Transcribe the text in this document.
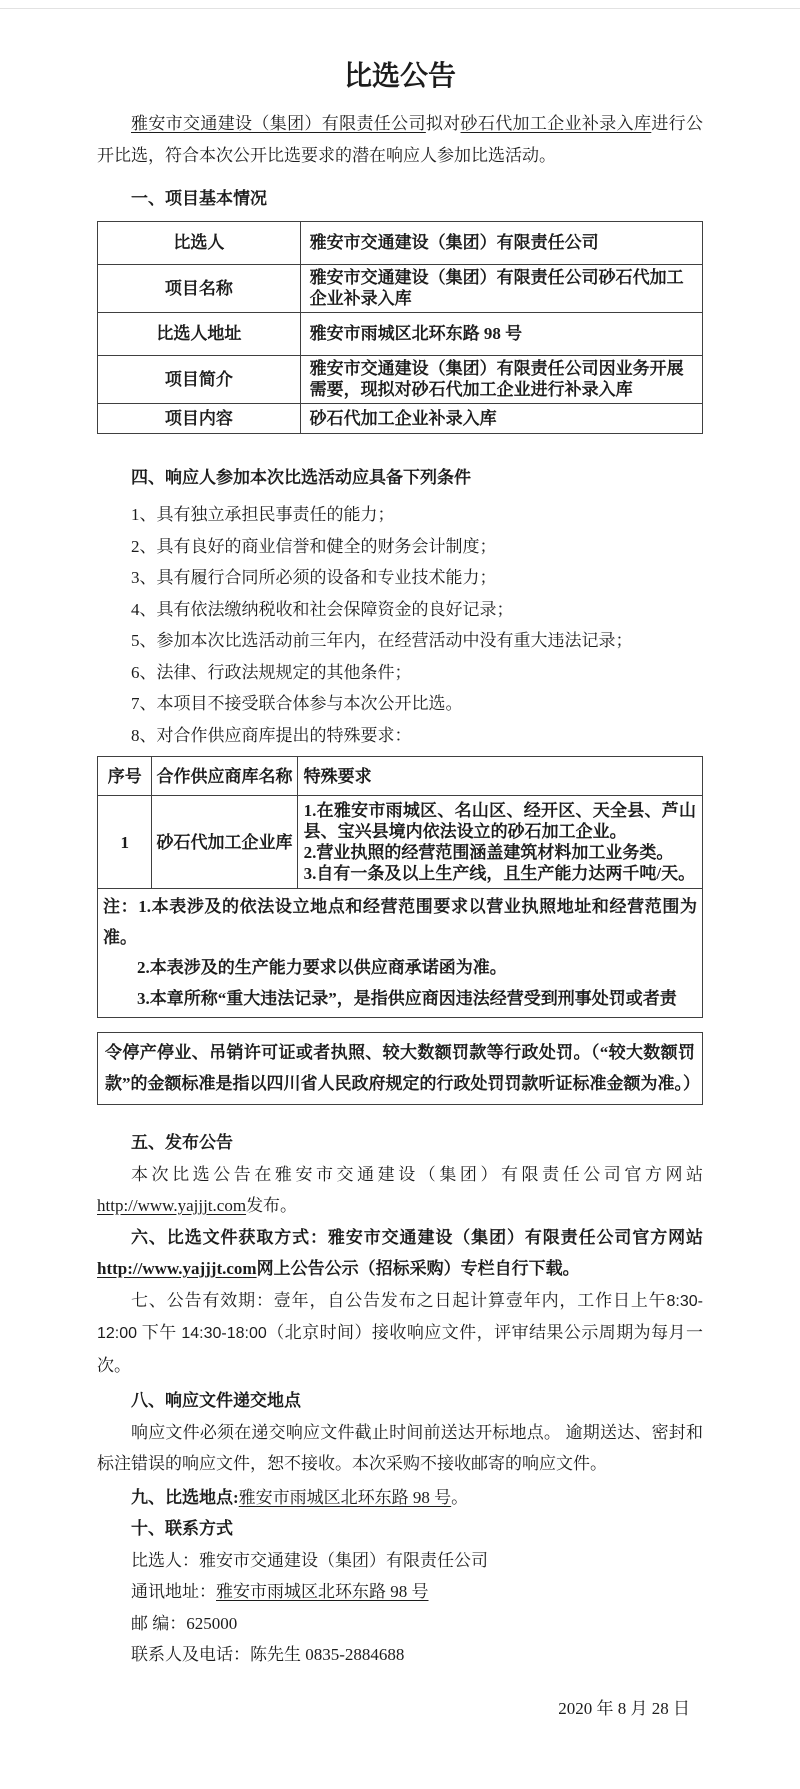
比选公告

雅安市交通建设（集团）有限责任公司拟对砂石代加工企业补录入库进行公开比选，符合本次公开比选要求的潜在响应人参加比选活动。

一、项目基本情况

比选人	雅安市交通建设（集团）有限责任公司
项目名称	雅安市交通建设（集团）有限责任公司砂石代加工企业补录入库
比选人地址	雅安市雨城区北环东路 98 号
项目简介	雅安市交通建设（集团）有限责任公司因业务开展需要，现拟对砂石代加工企业进行补录入库
项目内容	砂石代加工企业补录入库

四、响应人参加本次比选活动应具备下列条件

1、具有独立承担民事责任的能力；

2、具有良好的商业信誉和健全的财务会计制度；

3、具有履行合同所必须的设备和专业技术能力；

4、具有依法缴纳税收和社会保障资金的良好记录；

5、参加本次比选活动前三年内，在经营活动中没有重大违法记录；

6、法律、行政法规规定的其他条件；

7、本项目不接受联合体参与本次公开比选。

8、对合作供应商库提出的特殊要求：

序号	合作供应商库名称	特殊要求
1	砂石代加工企业库	1.在雅安市雨城区、名山区、经开区、天全县、芦山县、宝兴县境内依法设立的砂石加工企业。
2.营业执照的经营范围涵盖建筑材料加工业务类。
3.自有一条及以上生产线，且生产能力达两千吨/天。

注：1.本表涉及的依法设立地点和经营范围要求以营业执照地址和经营范围为准。
2.本表涉及的生产能力要求以供应商承诺函为准。
3.本章所称“重大违法记录”，是指供应商因违法经营受到刑事处罚或者责		
令停产停业、吊销许可证或者执照、较大数额罚款等行政处罚。（“较大数额罚款”的金额标准是指以四川省人民政府规定的行政处罚罚款听证标准金额为准。）

五、发布公告

本次比选公告在雅安市交通建设（集团）有限责任公司官方网站http://www.yajjjt.com发布。

六、比选文件获取方式：雅安市交通建设（集团）有限责任公司官方网站http://www.yajjjt.com网上公告公示（招标采购）专栏自行下载。

七、公告有效期：壹年，自公告发布之日起计算壹年内，工作日上午8:30-12:00 下午 14:30-18:00（北京时间）接收响应文件，评审结果公示周期为每月一次。

八、响应文件递交地点

响应文件必须在递交响应文件截止时间前送达开标地点。 逾期送达、密封和标注错误的响应文件，恕不接收。本次采购不接收邮寄的响应文件。

九、比选地点:雅安市雨城区北环东路 98 号。

十、联系方式

比选人：雅安市交通建设（集团）有限责任公司

通讯地址：雅安市雨城区北环东路 98 号

邮 编：625000

联系人及电话：陈先生 0835-2884688

2020 年 8 月 28 日
